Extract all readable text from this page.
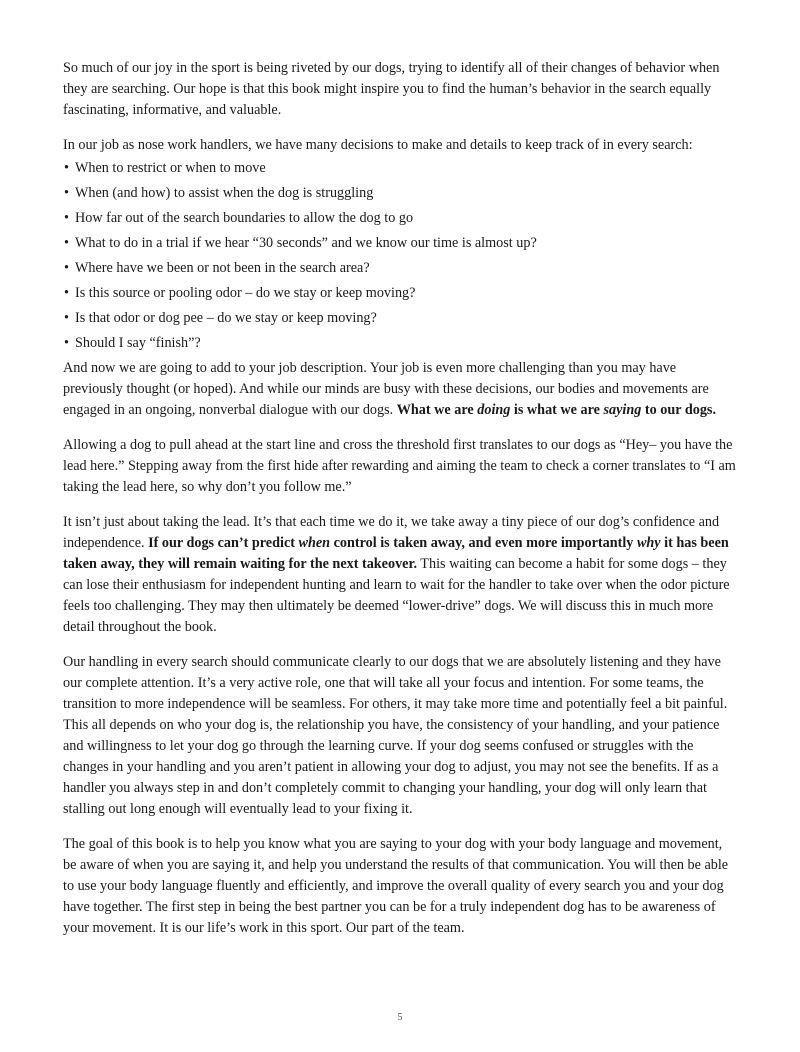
So much of our joy in the sport is being riveted by our dogs, trying to identify all of their changes of behavior when they are searching. Our hope is that this book might inspire you to find the human’s behavior in the search equally fascinating, informative, and valuable.

In our job as nose work handlers, we have many decisions to make and details to keep track of in every search:

• When to restrict or when to move
• When (and how) to assist when the dog is struggling
• How far out of the search boundaries to allow the dog to go
• What to do in a trial if we hear “30 seconds” and we know our time is almost up?
• Where have we been or not been in the search area?
• Is this source or pooling odor – do we stay or keep moving?
• Is that odor or dog pee – do we stay or keep moving?
• Should I say “finish”?

And now we are going to add to your job description. Your job is even more challenging than you may have previously thought (or hoped). And while our minds are busy with these decisions, our bodies and movements are engaged in an ongoing, nonverbal dialogue with our dogs. What we are doing is what we are saying to our dogs.

Allowing a dog to pull ahead at the start line and cross the threshold first translates to our dogs as “Hey– you have the lead here.” Stepping away from the first hide after rewarding and aiming the team to check a corner translates to “I am taking the lead here, so why don’t you follow me.”

It isn’t just about taking the lead. It’s that each time we do it, we take away a tiny piece of our dog’s confidence and independence. If our dogs can’t predict when control is taken away, and even more importantly why it has been taken away, they will remain waiting for the next takeover. This waiting can become a habit for some dogs – they can lose their enthusiasm for independent hunting and learn to wait for the handler to take over when the odor picture feels too challenging. They may then ultimately be deemed “lower-drive” dogs. We will discuss this in much more detail throughout the book.

Our handling in every search should communicate clearly to our dogs that we are absolutely listening and they have our complete attention. It’s a very active role, one that will take all your focus and intention. For some teams, the transition to more independence will be seamless. For others, it may take more time and potentially feel a bit painful. This all depends on who your dog is, the relationship you have, the consistency of your handling, and your patience and willingness to let your dog go through the learning curve. If your dog seems confused or struggles with the changes in your handling and you aren’t patient in allowing your dog to adjust, you may not see the benefits. If as a handler you always step in and don’t completely commit to changing your handling, your dog will only learn that stalling out long enough will eventually lead to your fixing it.

The goal of this book is to help you know what you are saying to your dog with your body language and movement, be aware of when you are saying it, and help you understand the results of that communication. You will then be able to use your body language fluently and efficiently, and improve the overall quality of every search you and your dog have together. The first step in being the best partner you can be for a truly independent dog has to be awareness of your movement. It is our life’s work in this sport. Our part of the team.

5
